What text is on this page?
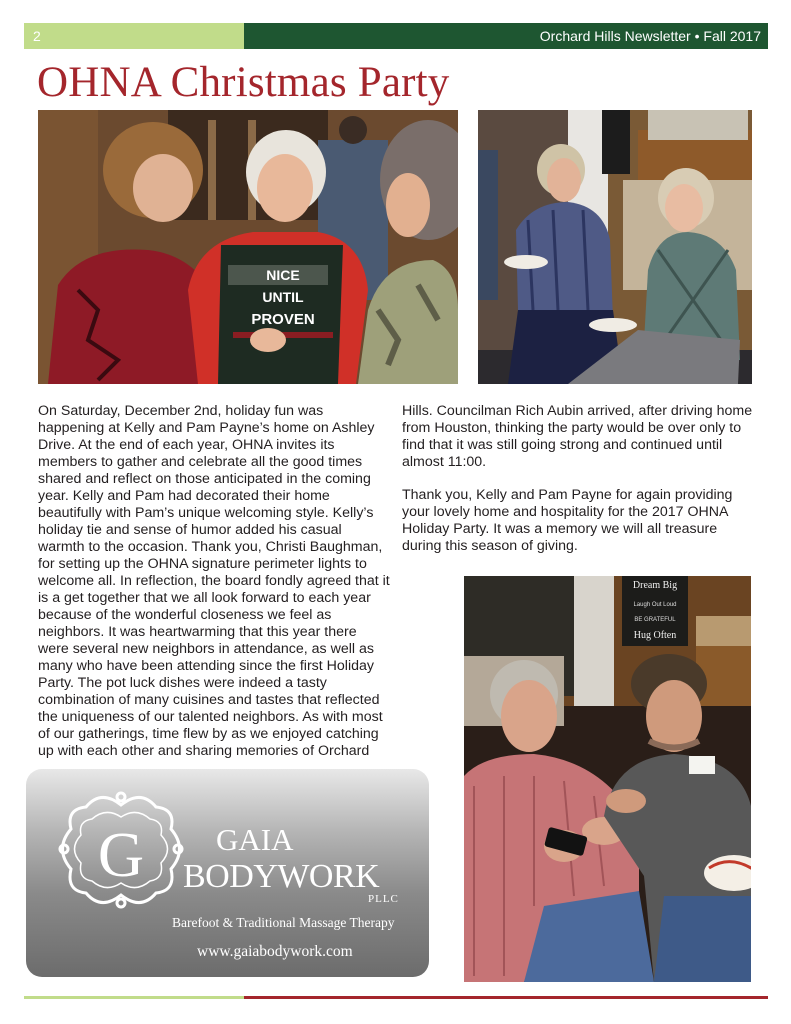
2	Orchard Hills Newsletter • Fall 2017
OHNA Christmas Party
NICE
UNTIL
PROVEN

On Saturday, December 2nd, holiday fun was happening at Kelly and Pam Payne’s home on Ashley Drive. At the end of each year, OHNA invites its members to gather and celebrate all the good times shared and reflect on those anticipated in the coming year. Kelly and Pam had decorated their home beautifully with Pam’s unique welcoming style. Kelly’s holiday tie and sense of humor added his casual warmth to the occasion. Thank you, Christi Baughman, for setting up the OHNA signature perimeter lights to welcome all. In reflection, the board fondly agreed that it is a get together that we all look forward to each year because of the wonderful closeness we feel as neighbors. It was heartwarming that this year there were several new neighbors in attendance, as well as many who have been attending since the first Holiday Party. The pot luck dishes were indeed a tasty combination of many cuisines and tastes that reflected the uniqueness of our talented neighbors. As with most of our gatherings, time flew by as we enjoyed catching up with each other and sharing memories of Orchard

Hills. Councilman Rich Aubin arrived, after driving home from Houston, thinking the party would be over only to find that it was still going strong and continued until almost 11:00.

Thank you, Kelly and Pam Payne for again providing your lovely home and hospitality for the 2017 OHNA Holiday Party. It was a memory we will all treasure during this season of giving.

Dream Big
Laugh Out Loud
BE GRATEFUL
Hug Often
G GAIA
BODYWORK
PLLC
Barefoot & Traditional Massage Therapy
www.gaiabodywork.com
